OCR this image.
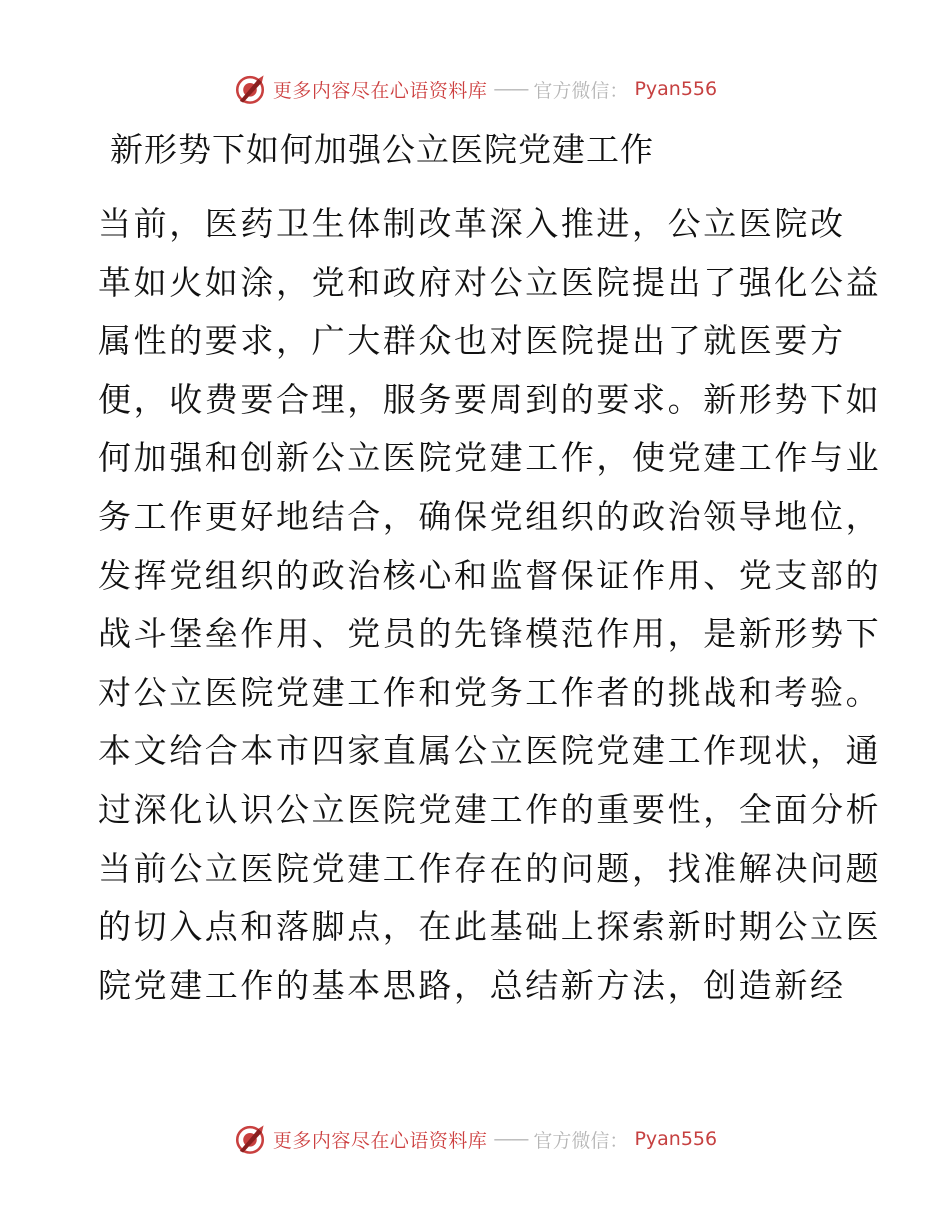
更多内容尽在心语资料库 —— 官方微信： Pyan556
新形势下如何加强公立医院党建工作
当前，医药卫生体制改革深入推进，公立医院改
革如火如涂，党和政府对公立医院提出了强化公益
属性的要求，广大群众也对医院提出了就医要方
便，收费要合理，服务要周到的要求。新形势下如
何加强和创新公立医院党建工作，使党建工作与业
务工作更好地结合，确保党组织的政治领导地位，
发挥党组织的政治核心和监督保证作用、党支部的
战斗堡垒作用、党员的先锋模范作用，是新形势下
对公立医院党建工作和党务工作者的挑战和考验。
本文给合本市四家直属公立医院党建工作现状，通
过深化认识公立医院党建工作的重要性，全面分析
当前公立医院党建工作存在的问题，找准解决问题
的切入点和落脚点，在此基础上探索新时期公立医
院党建工作的基本思路，总结新方法，创造新经
更多内容尽在心语资料库 —— 官方微信： Pyan556
